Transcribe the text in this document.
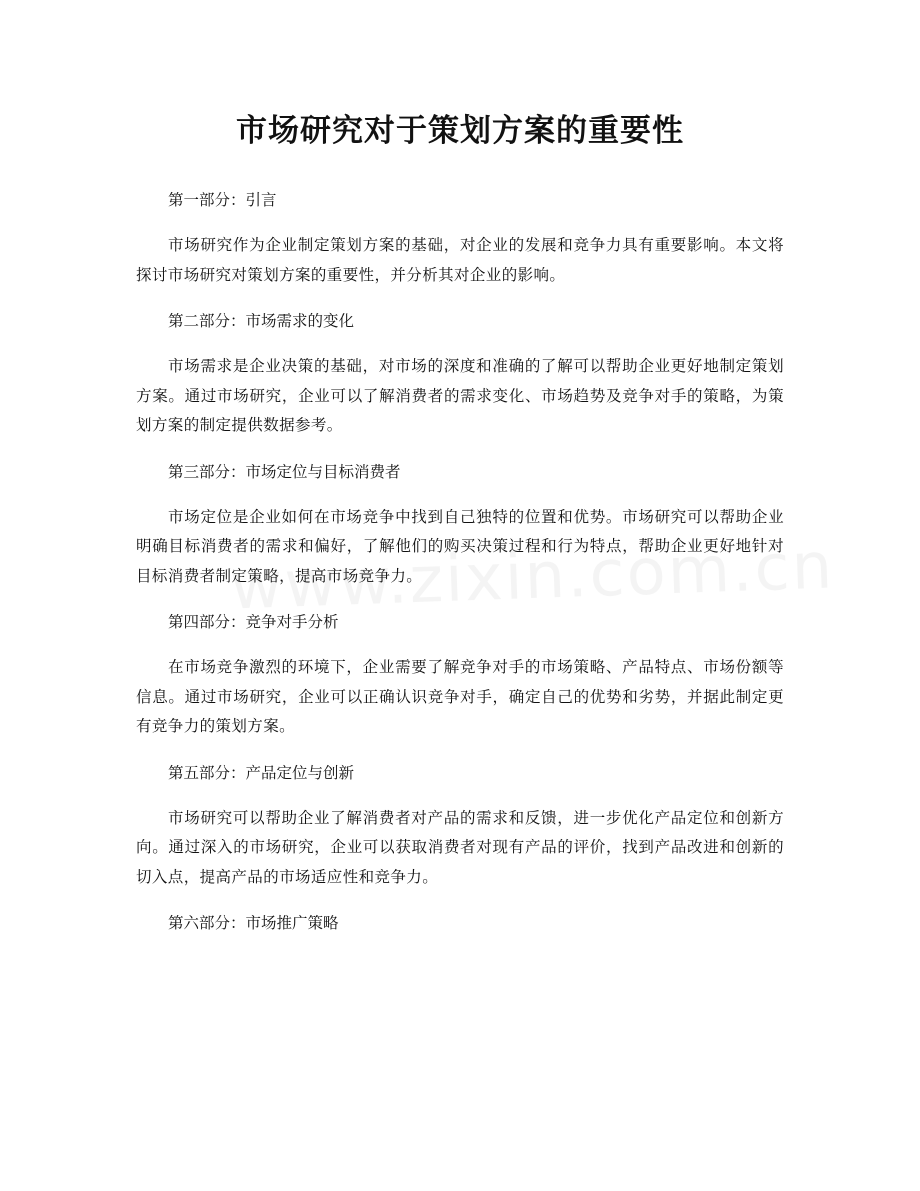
市场研究对于策划方案的重要性

第一部分：引言

市场研究作为企业制定策划方案的基础，对企业的发展和竞争力具有重要影响。本文将探讨市场研究对策划方案的重要性，并分析其对企业的影响。

第二部分：市场需求的变化

市场需求是企业决策的基础，对市场的深度和准确的了解可以帮助企业更好地制定策划方案。通过市场研究，企业可以了解消费者的需求变化、市场趋势及竞争对手的策略，为策划方案的制定提供数据参考。

第三部分：市场定位与目标消费者

市场定位是企业如何在市场竞争中找到自己独特的位置和优势。市场研究可以帮助企业明确目标消费者的需求和偏好，了解他们的购买决策过程和行为特点，帮助企业更好地针对目标消费者制定策略，提高市场竞争力。

第四部分：竞争对手分析

在市场竞争激烈的环境下，企业需要了解竞争对手的市场策略、产品特点、市场份额等信息。通过市场研究，企业可以正确认识竞争对手，确定自己的优势和劣势，并据此制定更有竞争力的策划方案。

第五部分：产品定位与创新

市场研究可以帮助企业了解消费者对产品的需求和反馈，进一步优化产品定位和创新方向。通过深入的市场研究，企业可以获取消费者对现有产品的评价，找到产品改进和创新的切入点，提高产品的市场适应性和竞争力。

第六部分：市场推广策略
